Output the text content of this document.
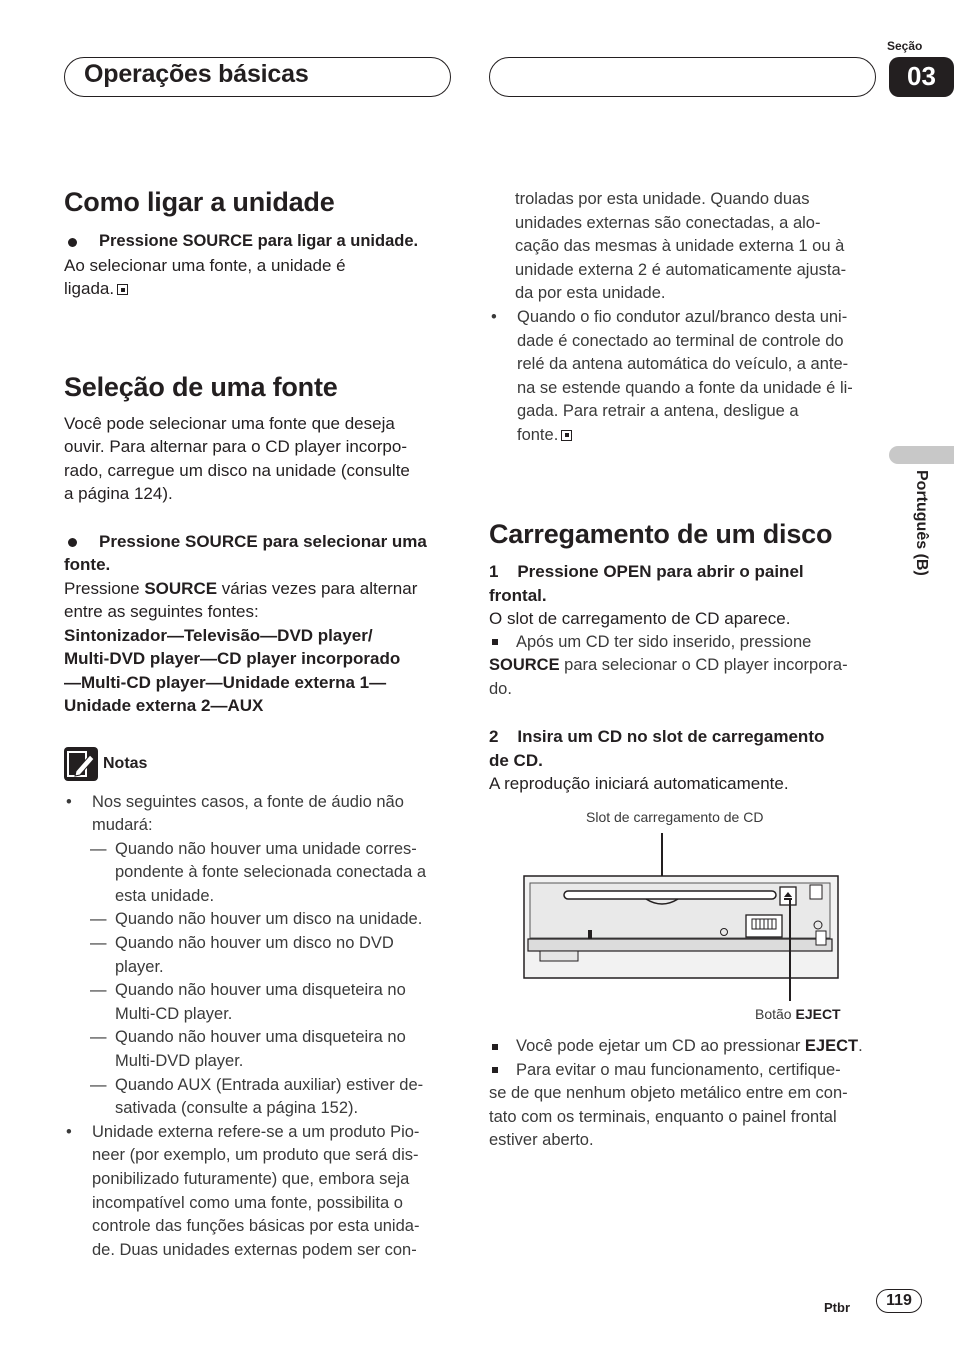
Operações básicas
Seção
03
Português (B)
Como ligar a unidade
Pressione SOURCE para ligar a unidade.

Ao selecionar uma fonte, a unidade é

ligada.

Seleção de uma fonte

Você pode selecionar uma fonte que deseja

ouvir. Para alternar para o CD player incorpo-

rado, carregue um disco na unidade (consulte

a página 124).

Pressione SOURCE para selecionar uma

fonte.

Pressione SOURCE várias vezes para alternar

entre as seguintes fontes:

Sintonizador—Televisão—DVD player/

Multi-DVD player—CD player incorporado

—Multi-CD player—Unidade externa 1—

Unidade externa 2—AUX

Notas
•	Nos seguintes casos, a fonte de áudio não
mudará:
— Quando não houver uma unidade corres-
pondente à fonte selecionada conectada a
esta unidade.
— Quando não houver um disco na unidade.
— Quando não houver um disco no DVD
player.
— Quando não houver uma disqueteira no
Multi-CD player.
— Quando não houver uma disqueteira no
Multi-DVD player.
— Quando AUX (Entrada auxiliar) estiver de-
sativada (consulte a página 152).
•	Unidade externa refere-se a um produto Pio-
neer (por exemplo, um produto que será dis-
ponibilizado futuramente) que, embora seja
incompatível como uma fonte, possibilita o
controle das funções básicas por esta unida-
de. Duas unidades externas podem ser con-
troladas por esta unidade. Quando duas
unidades externas são conectadas, a alo-
cação das mesmas à unidade externa 1 ou à
unidade externa 2 é automaticamente ajusta-
da por esta unidade.
•	Quando o fio condutor azul/branco desta uni-
dade é conectado ao terminal de controle do
relé da antena automática do veículo, a ante-
na se estende quando a fonte da unidade é li-
gada. Para retrair a antena, desligue a
fonte.
Carregamento de um disco

1    Pressione OPEN para abrir o painel

frontal.

O slot de carregamento de CD aparece.

Após um CD ter sido inserido, pressione
SOURCE para selecionar o CD player incorpora-
do.

2    Insira um CD no slot de carregamento

de CD.

A reprodução iniciará automaticamente.

Slot de carregamento de CD
Botão EJECT
Você pode ejetar um CD ao pressionar EJECT.
Para evitar o mau funcionamento, certifique-
se de que nenhum objeto metálico entre em con-
tato com os terminais, enquanto o painel frontal
estiver aberto.
Ptbr	119
